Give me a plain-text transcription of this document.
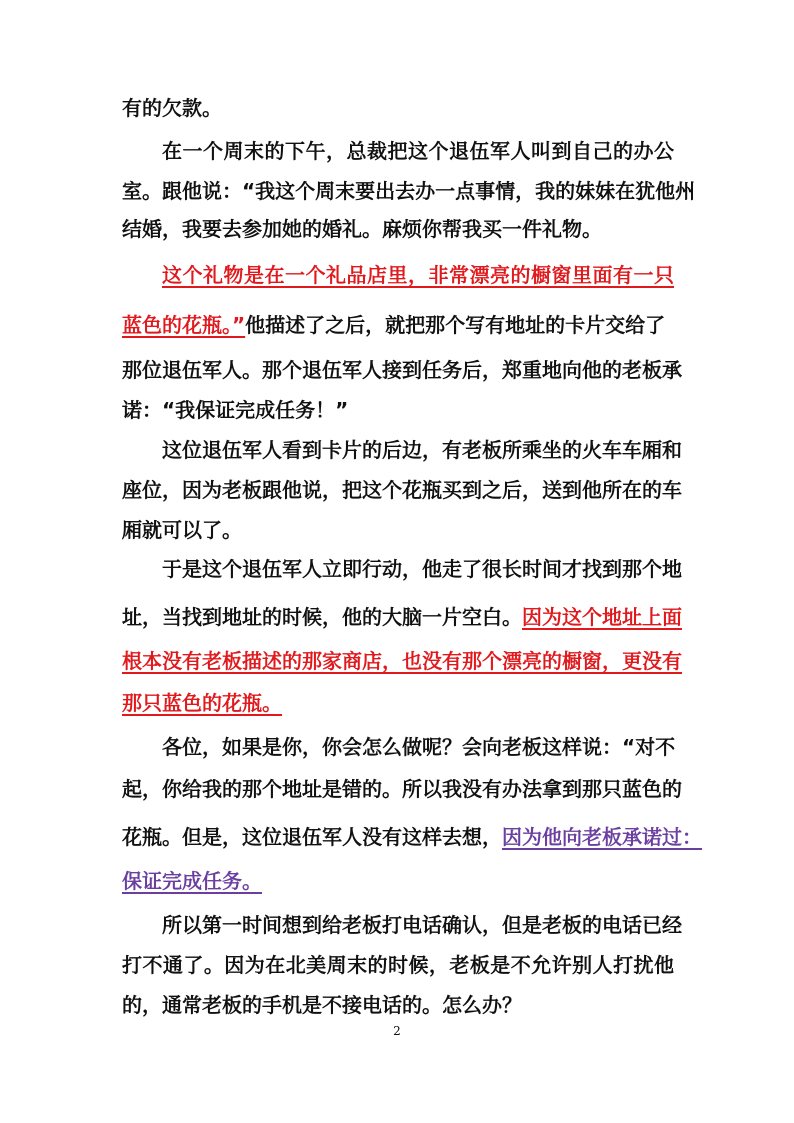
有的欠款。
在一个周末的下午，总裁把这个退伍军人叫到自己的办公
室。跟他说：“我这个周末要出去办一点事情，我的妹妹在犹他州
结婚，我要去参加她的婚礼。麻烦你帮我买一件礼物。
这个礼物是在一个礼品店里，非常漂亮的橱窗里面有一只
蓝色的花瓶。”他描述了之后，就把那个写有地址的卡片交给了
那位退伍军人。那个退伍军人接到任务后，郑重地向他的老板承
诺：“我保证完成任务！”
这位退伍军人看到卡片的后边，有老板所乘坐的火车车厢和
座位，因为老板跟他说，把这个花瓶买到之后，送到他所在的车
厢就可以了。
于是这个退伍军人立即行动，他走了很长时间才找到那个地
址，当找到地址的时候，他的大脑一片空白。 因为这个地址上面
根本没有老板描述的那家商店，也没有那个漂亮的橱窗，更没有
那只蓝色的花瓶。
各位，如果是你，你会怎么做呢？会向老板这样说：“对不
起，你给我的那个地址是错的。所以我没有办法拿到那只蓝色的
花瓶。但是，这位退伍军人没有这样去想， 因为他向老板承诺过：
保证完成任务。
所以第一时间想到给老板打电话确认，但是老板的电话已经
打不通了。因为在北美周末的时候，老板是不允许别人打扰他
的，通常老板的手机是不接电话的。怎么办？
2
